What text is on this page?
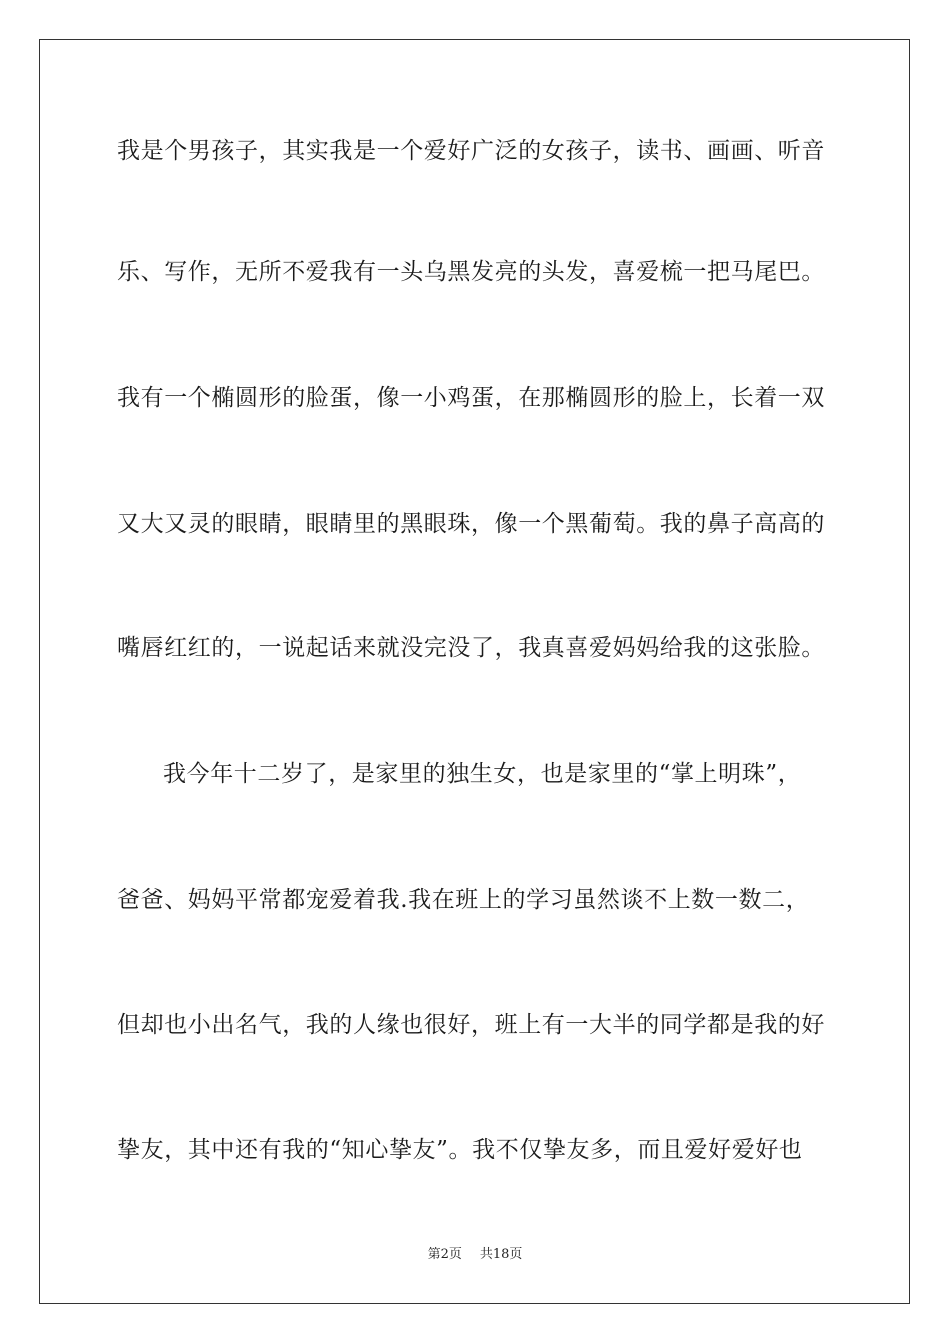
我是个男孩子，其实我是一个爱好广泛的女孩子，读书、画画、听音
乐、写作，无所不爱我有一头乌黑发亮的头发，喜爱梳一把马尾巴。
我有一个椭圆形的脸蛋，像一小鸡蛋，在那椭圆形的脸上，长着一双
又大又灵的眼睛，眼睛里的黑眼珠，像一个黑葡萄。我的鼻子高高的
嘴唇红红的，一说起话来就没完没了，我真喜爱妈妈给我的这张脸。
我今年十二岁了，是家里的独生女，也是家里的“掌上明珠”，
爸爸、妈妈平常都宠爱着我.我在班上的学习虽然谈不上数一数二，
但却也小出名气，我的人缘也很好，班上有一大半的同学都是我的好
挚友，其中还有我的“知心挚友”。我不仅挚友多，而且爱好爱好也
第2页 共18页
